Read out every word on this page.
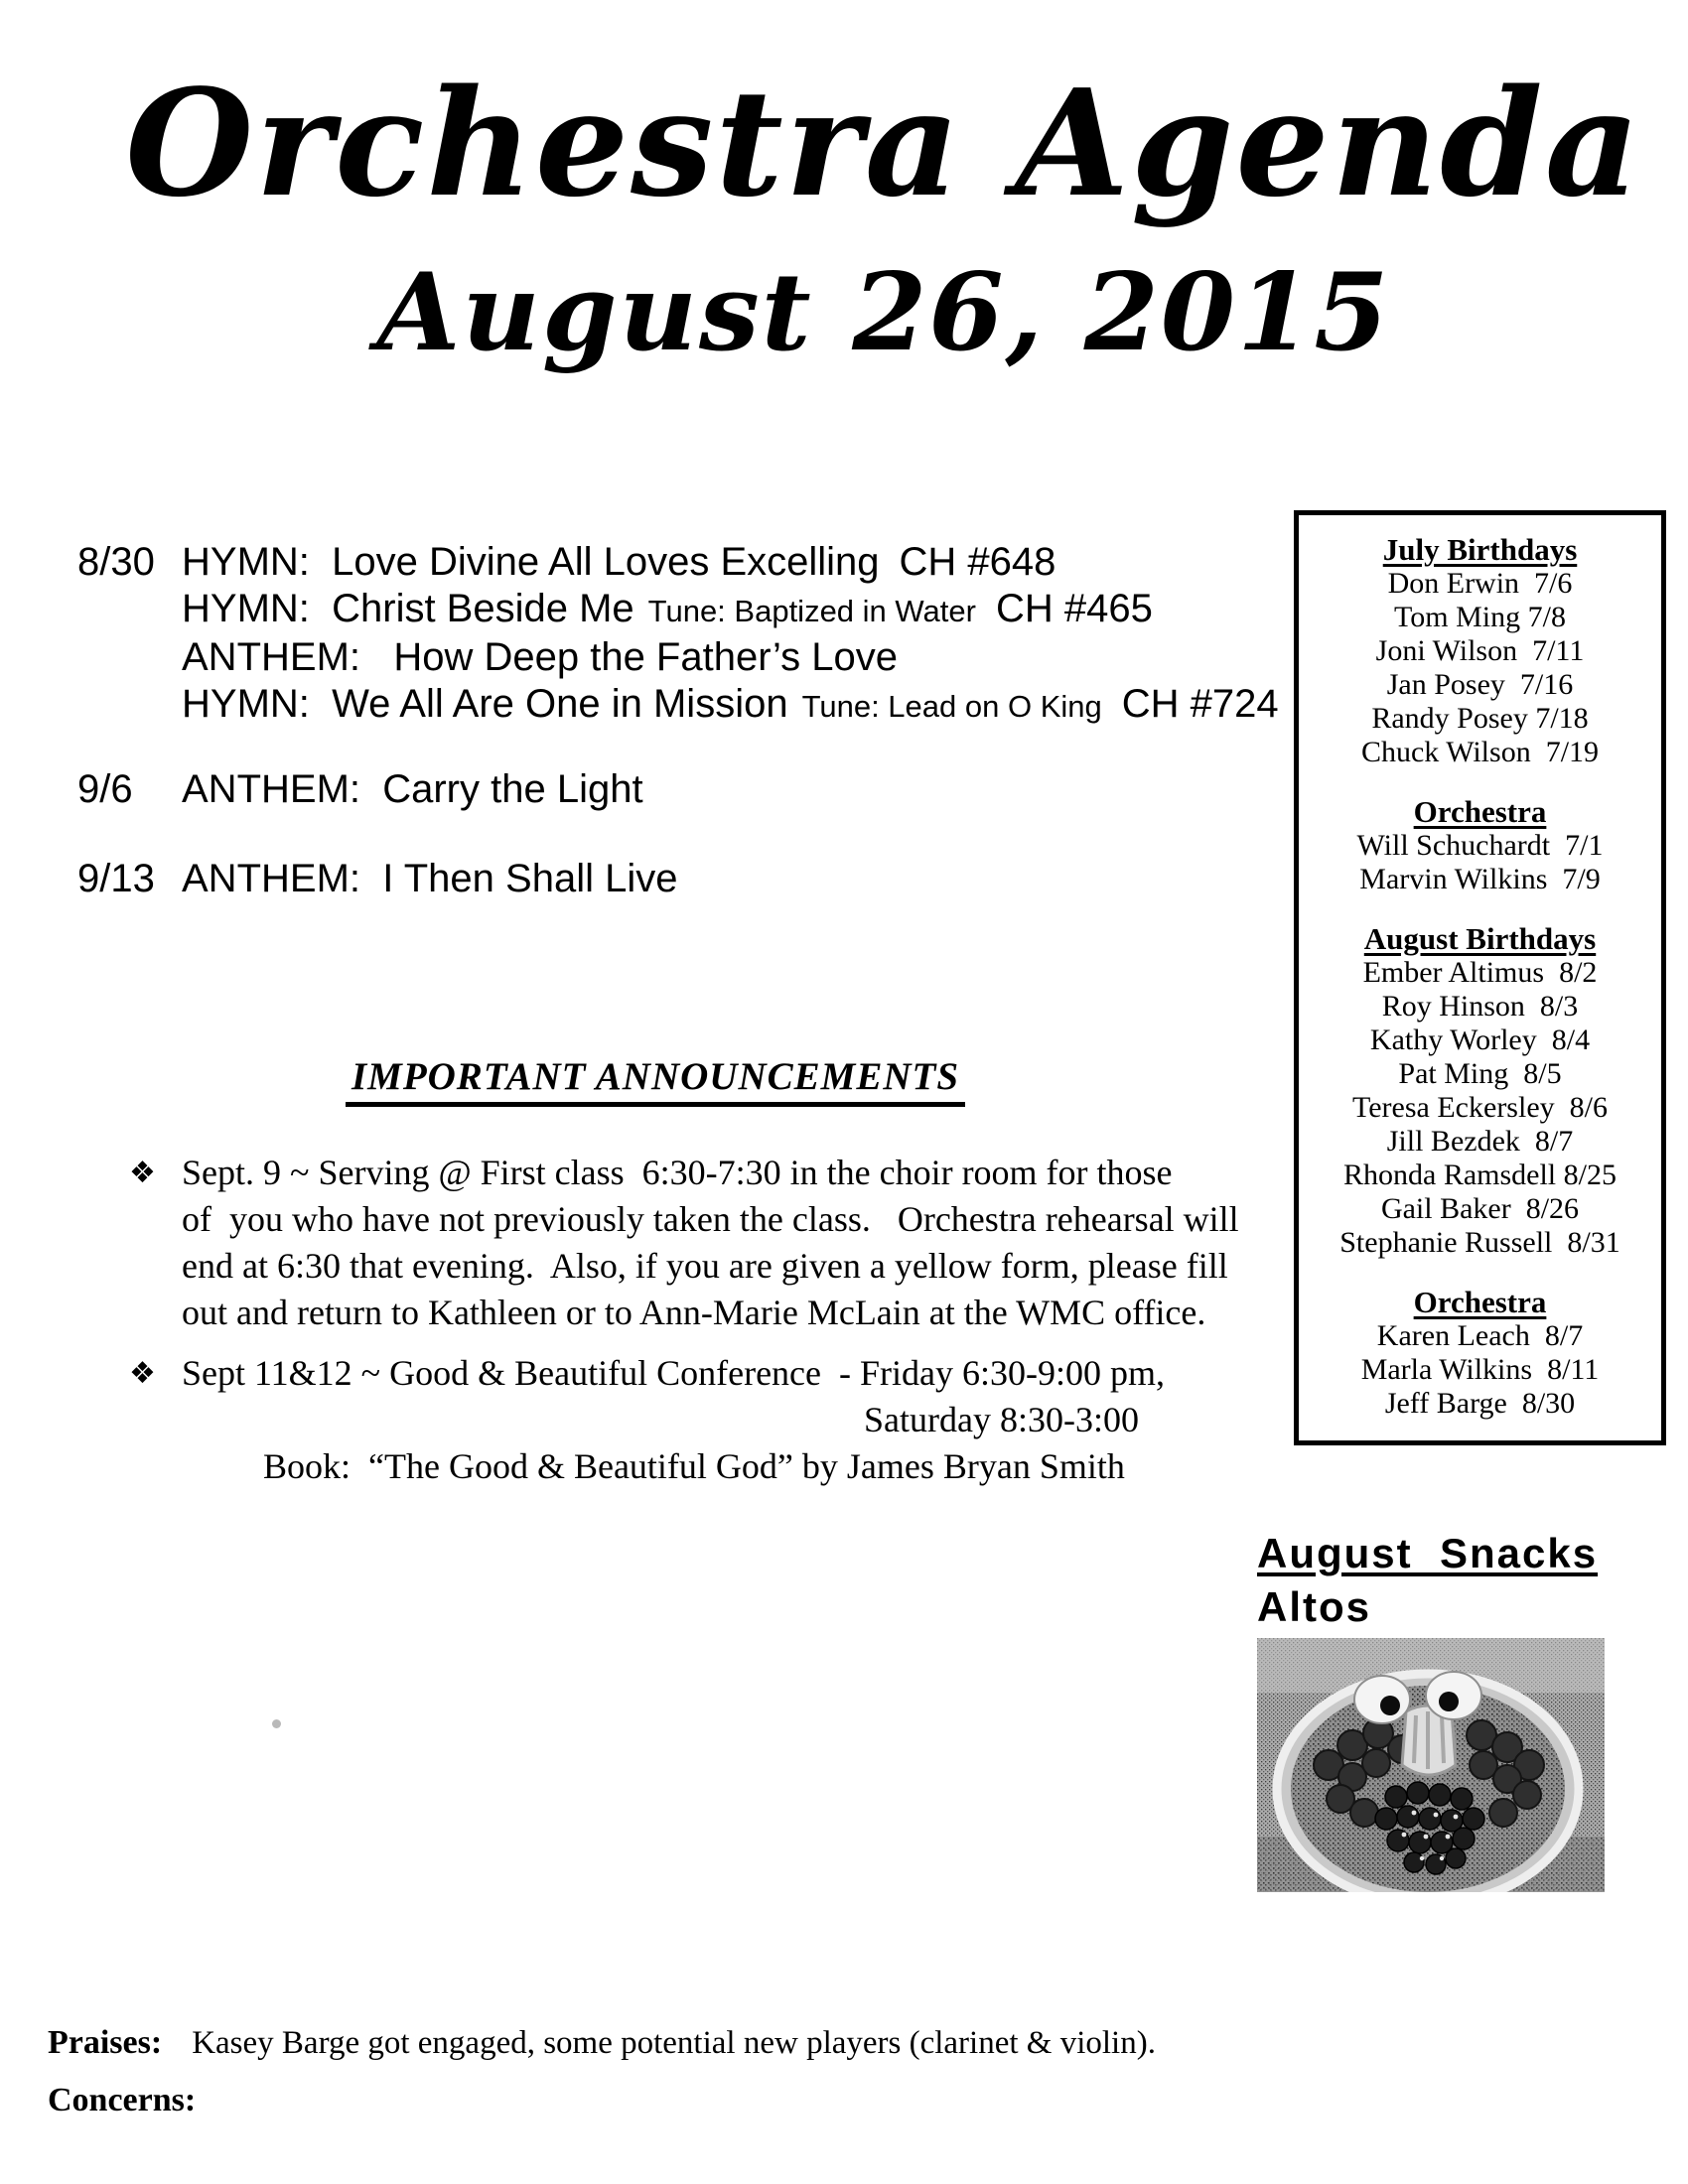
Orchestra Agenda
August 26, 2015
8/30 HYMN:  Love Divine All Loves Excelling CH #648
HYMN:  Christ Beside Me Tune: Baptized in Water CH #465
ANTHEM:   How Deep the Father’s Love
HYMN:  We All Are One in Mission Tune: Lead on O King CH #724
9/6	ANTHEM:  Carry the Light
9/13 ANTHEM:  I Then Shall Live
July Birthdays
Don Erwin  7/6
Tom Ming 7/8
Joni Wilson  7/11
Jan Posey  7/16
Randy Posey 7/18
Chuck Wilson  7/19
Orchestra
Will Schuchardt  7/1
Marvin Wilkins  7/9
August Birthdays
Ember Altimus  8/2
Roy Hinson  8/3
Kathy Worley  8/4
Pat Ming  8/5
Teresa Eckersley  8/6
Jill Bezdek  8/7
Rhonda Ramsdell 8/25
Gail Baker  8/26
Stephanie Russell  8/31
Orchestra
Karen Leach  8/7
Marla Wilkins  8/11
Jeff Barge  8/30
IMPORTANT ANNOUNCEMENTS
❖ Sept. 9 ~ Serving @ First class  6:30-7:30 in the choir room for those
of  you who have not previously taken the class.   Orchestra rehearsal will
end at 6:30 that evening.  Also, if you are given a yellow form, please fill
out and return to Kathleen or to Ann-Marie McLain at the WMC office.
❖ Sept 11&12 ~ Good & Beautiful Conference  - Friday 6:30-9:00 pm,
Saturday 8:30-3:00
Book:  “The Good & Beautiful God” by James Bryan Smith
August  Snacks
Altos
Praises: Kasey Barge got engaged, some potential new players (clarinet & violin).
Concerns:
